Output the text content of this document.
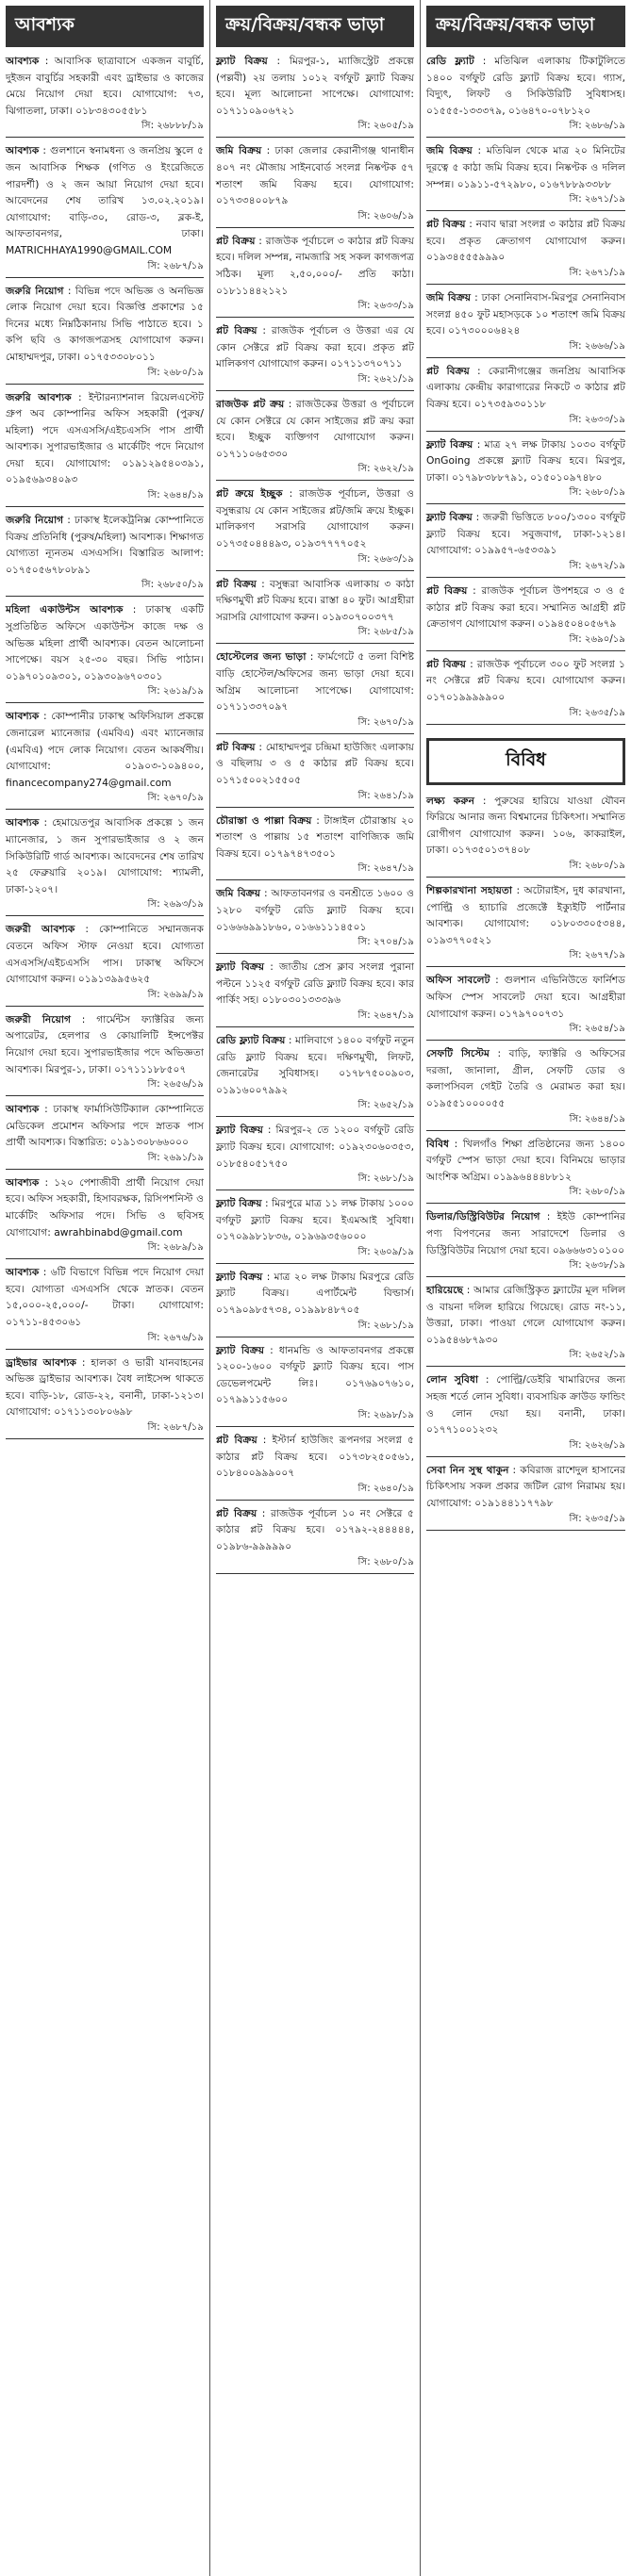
আবশ্যক
আবশ্যক : আবাসিক ছাত্রাবাসে একজন বাবুর্চি, দুইজন বাবুর্চির সহকারী এবং ড্রাইভার ও কাজের মেয়ে নিয়োগ দেয়া হবে। যোগাযোগ: ৭৩, ঝিগাতলা, ঢাকা। ০১৮৩৪৩০৫৫৮১
সি: ২৬৮৮৮/১৯
আবশ্যক : গুলশানে স্বনামধন্য ও জনপ্রিয় স্কুলে ৫ জন আবাসিক শিক্ষক (গণিত ও ইংরেজিতে পারদর্শী) ও ২ জন আয়া নিয়োগ দেয়া হবে। আবেদনের শেষ তারিখ ১৩.০২.২০১৯। যোগাযোগ: বাড়ি-৩০, রোড-৩, ব্লক-ই, আফতাবনগর, ঢাকা। MATRICHHAYA1990@GMAIL.COM
সি: ২৬৮৭/১৯
জরুরি নিয়োগ : বিভিন্ন পদে অভিজ্ঞ ও অনভিজ্ঞ লোক নিয়োগ দেয়া হবে। বিজ্ঞপ্তি প্রকাশের ১৫ দিনের মধ্যে নিম্নঠিকানায় সিভি পাঠাতে হবে। ১ কপি ছবি ও কাগজপত্রসহ যোগাযোগ করুন। মোহাম্মদপুর, ঢাকা। ০১৭৫৩৩০৮০১১
সি: ২৬৮০/১৯
জরুরি আবশ্যক : ইন্টারন্যাশনাল রিয়েলএস্টেট গ্রুপ অব কোম্পানির অফিস সহকারী (পুরুষ/মহিলা) পদে এসএসসি/এইচএসসি পাস প্রার্থী আবশ্যক। সুপারভাইজার ও মার্কেটিং পদে নিয়োগ দেয়া হবে। যোগাযোগ: ০১৯১২৯৫৪০৩৯১, ০১৯৫৬৯৩৪০৯৩
সি: ২৬৪৪/১৯
জরুরি নিয়োগ : ঢাকাস্থ ইলেকট্রনিক্স কোম্পানিতে বিক্রয় প্রতিনিধি (পুরুষ/মহিলা) আবশ্যক। শিক্ষাগত যোগ্যতা ন্যূনতম এসএসসি। বিস্তারিত আলাপ: ০১৭৫০৫৬৭৮০৮৯১
সি: ২৬৮৫০/১৯
মহিলা একাউন্টস আবশ্যক : ঢাকাস্থ একটি সুপ্রতিষ্ঠিত অফিসে একাউন্টস কাজে দক্ষ ও অভিজ্ঞ মহিলা প্রার্থী আবশ্যক। বেতন আলোচনা সাপেক্ষে। বয়স ২৫-৩০ বছর। সিভি পাঠান। ০১৯৭০১০৯৩০১, ০১৯৩০৯৬৭০৩০১
সি: ২৬১৯/১৯
আবশ্যক : কোম্পানীর ঢাকাস্থ অফিসিয়াল প্রকল্পে জেনারেল ম্যানেজার (এমবিএ) এবং ম্যানেজার (এমবিএ) পদে লোক নিয়োগ। বেতন আকর্ষণীয়। যোগাযোগ: ০১৯০৩-১০৯৪০০, financecompany274@gmail.com
সি: ২৬৭০/১৯
আবশ্যক : হেমায়েতপুর আবাসিক প্রকল্পে ১ জন ম্যানেজার, ১ জন সুপারভাইজার ও ২ জন সিকিউরিটি গার্ড আবশ্যক। আবেদনের শেষ তারিখ ২৫ ফেব্রুয়ারি ২০১৯। যোগাযোগ: শ্যামলী, ঢাকা-১২০৭।
সি: ২৬৯৩/১৯
জরুরী আবশ্যক : কোম্পানিতে সম্মানজনক বেতনে অফিস স্টাফ নেওয়া হবে। যোগ্যতা এসএসসি/এইচএসসি পাস। ঢাকাস্থ অফিসে যোগাযোগ করুন। ০১৯১৩৯৯৫৬২৫
সি: ২৬৯৯/১৯
জরুরী নিয়োগ : গার্মেন্টস ফ্যাক্টরির জন্য অপারেটর, হেলপার ও কোয়ালিটি ইন্সপেক্টর নিয়োগ দেয়া হবে। সুপারভাইজার পদে অভিজ্ঞতা আবশ্যক। মিরপুর-১, ঢাকা। ০১৭১১১৮৮৫০৭
সি: ২৬৫৬/১৯
আবশ্যক : ঢাকাস্থ ফার্মাসিউটিক্যাল কোম্পানিতে মেডিকেল প্রমোশন অফিসার পদে স্নাতক পাস প্রার্থী আবশ্যক। বিস্তারিত: ০১৯১৩০৮৬৬০০০
সি: ২৬৯১/১৯
আবশ্যক : ১২০ পেশাজীবী প্রার্থী নিয়োগ দেয়া হবে। অফিস সহকারী, হিসাবরক্ষক, রিসিপশনিস্ট ও মার্কেটিং অফিসার পদে। সিভি ও ছবিসহ যোগাযোগ: awrahbinabd@gmail.com
সি: ২৬৮৯/১৯
আবশ্যক : ৬টি বিভাগে বিভিন্ন পদে নিয়োগ দেয়া হবে। যোগ্যতা এসএসসি থেকে স্নাতক। বেতন ১৫,০০০-২৫,০০০/- টাকা। যোগাযোগ: ০১৭১১-৪৫৩০৬১
সি: ২৬৭৬/১৯
ড্রাইভার আবশ্যক : হালকা ও ভারী যানবাহনের অভিজ্ঞ ড্রাইভার আবশ্যক। বৈধ লাইসেন্স থাকতে হবে। বাড়ি-১৮, রোড-২২, বনানী, ঢাকা-১২১৩। যোগাযোগ: ০১৭১১৩০৮০৬৯৮
সি: ২৬৮৭/১৯
ক্রয়/বিক্রয়/বন্ধক ভাড়া
ফ্ল্যাট বিক্রয় : মিরপুর-১, ম্যাজিস্ট্রেট প্রকল্পে (পল্লবী) ২য় তলায় ১০১২ বর্গফুট ফ্ল্যাট বিক্রয় হবে। মূল্য আলোচনা সাপেক্ষে। যোগাযোগ: ০১৭১১০৯০৬৭২১
সি: ২৬০৫/১৯
জমি বিক্রয় : ঢাকা জেলার কেরানীগঞ্জ থানাধীন ৪০৭ নং মৌজায় সাইনবোর্ড সংলগ্ন নিষ্কণ্টক ৫৭ শতাংশ জমি বিক্রয় হবে। যোগাযোগ: ০১৭৩৩৪০০৮৭৯
সি: ২৬০৬/১৯
প্লট বিক্রয় : রাজউক পূর্বাচলে ৩ কাঠার প্লট বিক্রয় হবে। দলিল সম্পন্ন, নামজারি সহ সকল কাগজপত্র সঠিক। মূল্য ২,৫০,০০০/- প্রতি কাঠা। ০১৮১১৪৪২১২১
সি: ২৬৩৩/১৯
প্লট বিক্রয় : রাজউক পূর্বাচল ও উত্তরা এর যে কোন সেক্টরে প্লট বিক্রয় করা হবে। প্রকৃত প্লট মালিকগণ যোগাযোগ করুন। ০১৭১১৩৭০৭১১
সি: ২৬২১/১৯
রাজউক প্লট ক্রয় : রাজউকের উত্তরা ও পূর্বাচলে যে কোন সেক্টরে যে কোন সাইজের প্লট ক্রয় করা হবে। ইচ্ছুক ব্যক্তিগণ যোগাযোগ করুন। ০১৭১১০৬৫৩৩০
সি: ২৬২২/১৯
প্লট ক্রয়ে ইচ্ছুক : রাজউক পূর্বাচল, উত্তরা ও বসুন্ধরায় যে কোন সাইজের প্লট/জমি ক্রয়ে ইচ্ছুক। মালিকগণ সরাসরি যোগাযোগ করুন। ০১৭৩৫০৪৪৪৯৩, ০১৯৩৭৭৭৭০৫২
সি: ২৬৬৩/১৯
প্লট বিক্রয় : বসুন্ধরা আবাসিক এলাকায় ৩ কাঠা দক্ষিণমুখী প্লট বিক্রয় হবে। রাস্তা ৪০ ফুট। আগ্রহীরা সরাসরি যোগাযোগ করুন। ০১৯৩০৭০০৩৭৭
সি: ২৬৮৫/১৯
হোস্টেলের জন্য ভাড়া : ফার্মগেটে ৫ তলা বিশিষ্ট বাড়ি হোস্টেল/অফিসের জন্য ভাড়া দেয়া হবে। অগ্রিম আলোচনা সাপেক্ষে। যোগাযোগ: ০১৭১১৩৩৭০৯৭
সি: ২৬৭০/১৯
প্লট বিক্রয় : মোহাম্মদপুর চন্দ্রিমা হাউজিং এলাকায় ও বছিলায় ৩ ও ৫ কাঠার প্লট বিক্রয় হবে। ০১৭১৫০০২১৫৫০৫
সি: ২৬৪১/১৯
চৌরাস্তা ও পাল্লা বিক্রয় : টাঙ্গাইল চৌরাস্তায় ২০ শতাংশ ও পাল্লায় ১৫ শতাংশ বাণিজ্যিক জমি বিক্রয় হবে। ০১৭৯৭৪৭৩৫০১
সি: ২৬৪৭/১৯
জমি বিক্রয় : আফতাবনগর ও বনশ্রীতে ১৬০০ ও ১২৮০ বর্গফুট রেডি ফ্ল্যাট বিক্রয় হবে। ০১৬৬৬৯৯১৮৬০, ০১৬৬১১১৪৫০১
সি: ২৭০৪/১৯
ফ্ল্যাট বিক্রয় : জাতীয় প্রেস ক্লাব সংলগ্ন পুরানা পল্টনে ১১২৫ বর্গফুট রেডি ফ্ল্যাট বিক্রয় হবে। কার পার্কিং সহ। ০১৮০৩০১৩৩৩৯৬
সি: ২৬৪৭/১৯
রেডি ফ্ল্যাট বিক্রয় : মালিবাগে ১৪০০ বর্গফুট নতুন রেডি ফ্ল্যাট বিক্রয় হবে। দক্ষিণমুখী, লিফট, জেনারেটর সুবিধাসহ। ০১৭৮৭৫০০৯০৩, ০১৯১৬০০৭৯৯২
সি: ২৬৫২/১৯
ফ্ল্যাট বিক্রয় : মিরপুর-২ তে ১২০০ বর্গফুট রেডি ফ্ল্যাট বিক্রয় হবে। যোগাযোগ: ০১৯২৩০৬০৩৫৩, ০১৮৫৪০৫১৭৫০
সি: ২৬৮১/১৯
ফ্ল্যাট বিক্রয় : মিরপুরে মাত্র ১১ লক্ষ টাকায় ১০০০ বর্গফুট ফ্ল্যাট বিক্রয় হবে। ইএমআই সুবিধা। ০১৭০৯৯৮১৮৩৬, ০১৯৬৯৩৫৬০০০
সি: ২৬০৯/১৯
ফ্ল্যাট বিক্রয় : মাত্র ২০ লক্ষ টাকায় মিরপুরে রেডি ফ্ল্যাট বিক্রয়। এপার্টমেন্ট বিল্ডার্স। ০১৭৯০৯৮৫৭৩৪, ০১৯৯৮৪৮৭০৫
সি: ২৬৮১/১৯
ফ্ল্যাট বিক্রয় : ধানমন্ডি ও আফতাবনগর প্রকল্পে ১২০০-১৬০০ বর্গফুট ফ্ল্যাট বিক্রয় হবে। পাস ডেভেলপমেন্ট লিঃ। ০১৭৬৯০৭৬১০, ০১৭৯৯১১৫৬০০
সি: ২৬৯৮/১৯
প্লট বিক্রয় : ইস্টার্ন হাউজিং রূপনগর সংলগ্ন ৫ কাঠার প্লট বিক্রয় হবে। ০১৭৩৮২৫০৫৬১, ০১৮৪০০৯৯৯০০৭
সি: ২৬৪০/১৯
প্লট বিক্রয় : রাজউক পূর্বাচল ১০ নং সেক্টরে ৫ কাঠার প্লট বিক্রয় হবে। ০১৭৯২-২৪৪৪৪৪, ০১৯৮৬-৯৯৯৯৯০
সি: ২৬৮০/১৯
ক্রয়/বিক্রয়/বন্ধক ভাড়া
রেডি ফ্ল্যাট : মতিঝিল এলাকায় টিকাটুলিতে ১৪০০ বর্গফুট রেডি ফ্ল্যাট বিক্রয় হবে। গ্যাস, বিদ্যুৎ, লিফট ও সিকিউরিটি সুবিধাসহ। ০১৫৫৫-১৩৩৩৭৯, ০১৬৪৭০-০৭৮১২০
সি: ২৬৮৬/১৯
জমি বিক্রয় : মতিঝিল থেকে মাত্র ২০ মিনিটের দূরত্বে ৫ কাঠা জমি বিক্রয় হবে। নিষ্কণ্টক ও দলিল সম্পন্ন। ০১৯১১-৫৭২৯৮০, ০১৬৭৮৮৯৩৩৮৮
সি: ২৬৭১/১৯
প্লট বিক্রয় : নবাব দ্বারা সংলগ্ন ৩ কাঠার প্লট বিক্রয় হবে। প্রকৃত ক্রেতাগণ যোগাযোগ করুন। ০১৯৩৪৫৫৫৯৯৯০
সি: ২৬৭১/১৯
জমি বিক্রয় : ঢাকা সেনানিবাস-মিরপুর সেনানিবাস সংলগ্ন ৪৫০ ফুট মহাসড়কে ১০ শতাংশ জমি বিক্রয় হবে। ০১৭৩০০০৬৪২৪
সি: ২৬৬৬/১৯
প্লট বিক্রয় : কেরানীগঞ্জের জনপ্রিয় আবাসিক এলাকায় কেন্দ্রীয় কারাগারের নিকটে ৩ কাঠার প্লট বিক্রয় হবে। ০১৭৩৫৯৩০১১৮
সি: ২৬৩৩/১৯
ফ্ল্যাট বিক্রয় : মাত্র ২৭ লক্ষ টাকায় ১০৩০ বর্গফুট OnGoing প্রকল্পে ফ্ল্যাট বিক্রয় হবে। মিরপুর, ঢাকা। ০১৭৯৮৩৮৮৭৯১, ০১৫০১০৯৭৪৮০
সি: ২৬৮০/১৯
ফ্ল্যাট বিক্রয় : জরুরী ভিত্তিতে ৮০০/১৩০০ বর্গফুট ফ্ল্যাট বিক্রয় হবে। সবুজবাগ, ঢাকা-১২১৪। যোগাযোগ: ০১৯৯৫৭-৬৫৩৩৯১
সি: ২৬৭২/১৯
প্লট বিক্রয় : রাজউক পূর্বাচল উপশহরে ৩ ও ৫ কাঠার প্লট বিক্রয় করা হবে। সম্মানিত আগ্রহী প্লট ক্রেতাগণ যোগাযোগ করুন। ০১৯৪৫০৪০৫৬৭৯
সি: ২৬৯০/১৯
প্লট বিক্রয় : রাজউক পূর্বাচলে ৩০০ ফুট সংলগ্ন ১ নং সেক্টরে প্লট বিক্রয় হবে। যোগাযোগ করুন। ০১৭০১৯৯৯৯৯০০
সি: ২৬৩৫/১৯
বিবিধ
লক্ষ্য করুন : পুরুষের হারিয়ে যাওয়া যৌবন ফিরিয়ে আনার জন্য বিশ্বমানের চিকিৎসা। সম্মানিত রোগীগণ যোগাযোগ করুন। ১০৬, কাকরাইল, ঢাকা। ০১৭৩৫০১৩৭৪০৮
সি: ২৬৮০/১৯
শিল্পকারখানা সহায়তা : অটোরাইস, দুধ কারখানা, পোল্ট্রি ও হ্যাচারি প্রজেক্টে ইক্যুইটি পার্টনার আবশ্যক। যোগাযোগ: ০১৮০৩৩০৫৩৪৪, ০১৯৩৭৭০৫২১
সি: ২৬৭৭/১৯
অফিস সাবলেট : গুলশান এভিনিউতে ফার্নিশড অফিস স্পেস সাবলেট দেয়া হবে। আগ্রহীরা যোগাযোগ করুন। ০১৭৯৭০০৭৩১
সি: ২৬৫৪/১৯
সেফটি সিস্টেম : বাড়ি, ফ্যাক্টরি ও অফিসের দরজা, জানালা, গ্রীল, সেফটি ডোর ও কলাপসিবল গেইট তৈরি ও মেরামত করা হয়। ০১৯৫৫১০০০০৫৫
সি: ২৬৪৪/১৯
বিবিধ : খিলগাঁও শিক্ষা প্রতিষ্ঠানের জন্য ১৪০০ বর্গফুট স্পেস ভাড়া দেয়া হবে। বিনিময়ে ভাড়ার আংশিক অগ্রিম। ০১৯৯৬৪৪৪৮৮১২
সি: ২৬৮০/১৯
ডিলার/ডিস্ট্রিবিউটর নিয়োগ : ইইউ কোম্পানির পণ্য বিপণনের জন্য সারাদেশে ডিলার ও ডিস্ট্রিবিউটর নিয়োগ দেয়া হবে। ০৯৬৬৬৩১০১০০
সি: ২৬৩৮/১৯
হারিয়েছে : আমার রেজিস্ট্রিকৃত ফ্ল্যাটের মূল দলিল ও বায়না দলিল হারিয়ে গিয়েছে। রোড নং-১১, উত্তরা, ঢাকা। পাওয়া গেলে যোগাযোগ করুন। ০১৯৫৪৬৮৭৯৩০
সি: ২৬৫২/১৯
লোন সুবিধা : পোল্ট্রি/ডেইরি খামারিদের জন্য সহজ শর্তে লোন সুবিধা। ব্যবসায়িক ক্রাউড ফান্ডিং ও লোন দেয়া হয়। বনানী, ঢাকা। ০১৭৭১০০১২৩২
সি: ২৬২৬/১৯
সেবা নিন সুস্থ থাকুন : কবিরাজ রাশেদুল হাসানের চিকিৎসায় সকল প্রকার জটিল রোগ নিরাময় হয়। যোগাযোগ: ০১৯১৪৪১১৭৭৯৮
সি: ২৬৩৫/১৯
